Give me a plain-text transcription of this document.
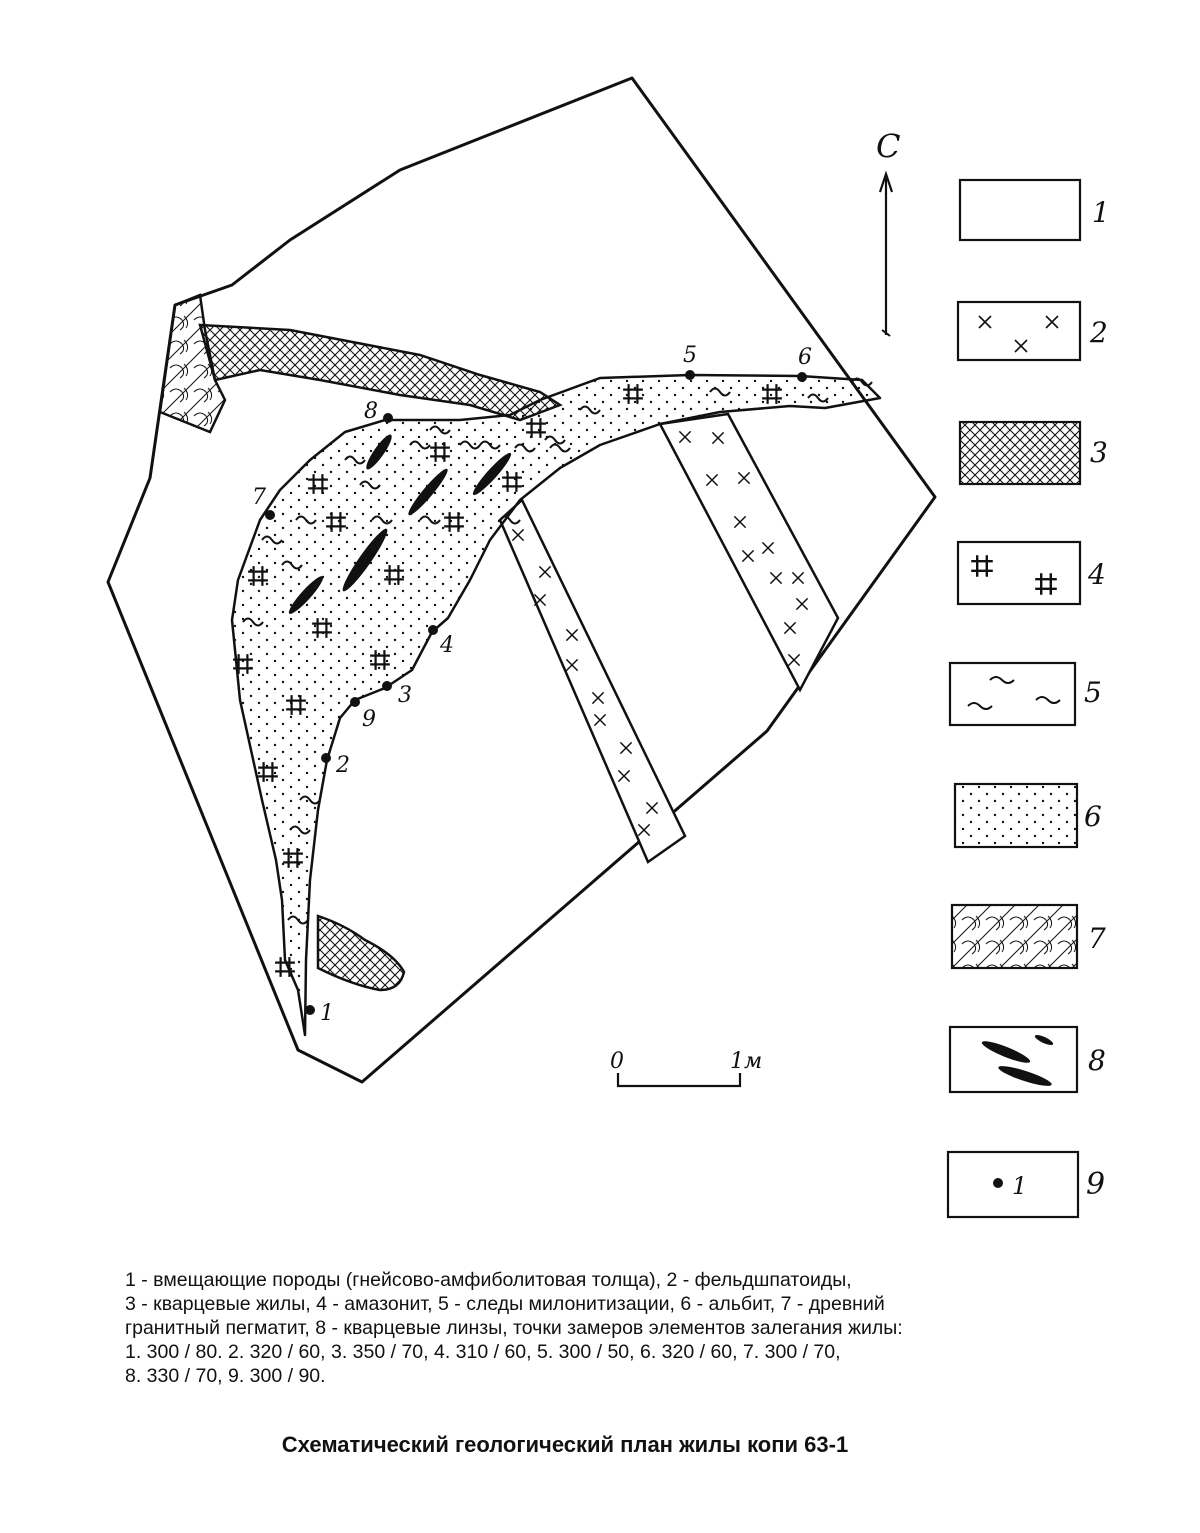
1
2
3
4
5	6
7
8
9
С
0	1м
1
1
2
3
4
5
6
7
8
9
1 - вмещающие породы (гнейсово-амфиболитовая толща), 2 - фельдшпатоиды,
3 - кварцевые жилы, 4 - амазонит, 5 - следы милонитизации, 6 - альбит, 7 - древний
гранитный пегматит, 8 - кварцевые линзы, точки замеров элементов залегания жилы:
1. 300 / 80. 2. 320 / 60, 3. 350 / 70, 4. 310 / 60, 5. 300 / 50, 6. 320 / 60, 7. 300 / 70,
8. 330 / 70, 9. 300 / 90.
Схематический геологический план жилы копи 63-1
